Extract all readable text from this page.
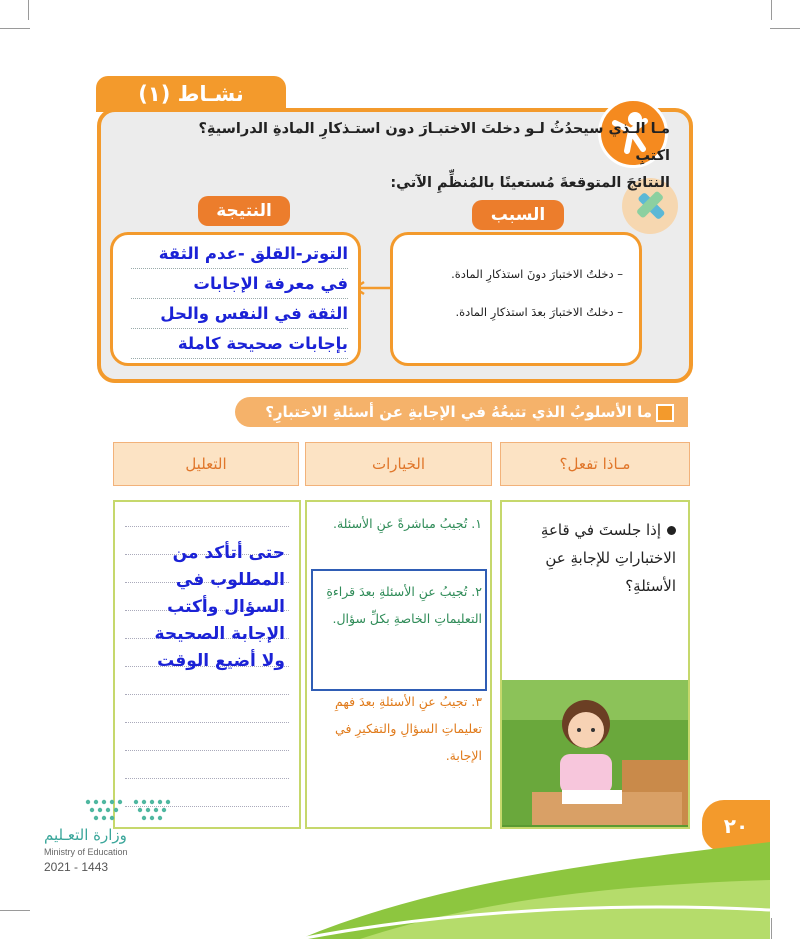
نشـاط (١)
مـا الـذي سيحدُثُ لـو دخلتَ الاختبـارَ دون استـذكارِ المادةِ الدراسيةِ؟ اكتبِ
النتائجَ المتوقعةَ مُستعينًا بالمُنظِّمِ الآتي:
السبب
النتيجة
– دخلتُ الاختبارَ دونَ استذكارِ المادة.
– دخلتُ الاختبارَ بعدَ استذكارِ المادة.
التوتر-القلق -عدم الثقة
في معرفة الإجابات
الثقة في النفس والحل
بإجابات صحيحة كاملة
ما الأسلوبُ الذي تتبعُهُ في الإجابةِ عن أسئلةِ الاختبارِ؟
مـاذا تفعل؟
الخيارات
التعليل
إذا جلستَ في قاعةِ الاختباراتِ للإجابةِ عنِ الأسئلةِ؟
١. تُجيبُ مباشرةً عنِ الأسئلة.
٢. تُجيبُ عنِ الأسئلةِ بعدَ قراءةِ التعليماتِ الخاصةِ بكلِّ سؤال.
٣. تجيبُ عنِ الأسئلةِ بعدَ فهمِ تعليماتِ السؤالِ والتفكيرِ في الإجابة.
حتى أتأكد من
المطلوب في
السؤال وأكتب
الإجابة الصحيحة
ولا أضيع الوقت
٢٠
وزارة التعـليم
Ministry of Education
2021 - 1443
